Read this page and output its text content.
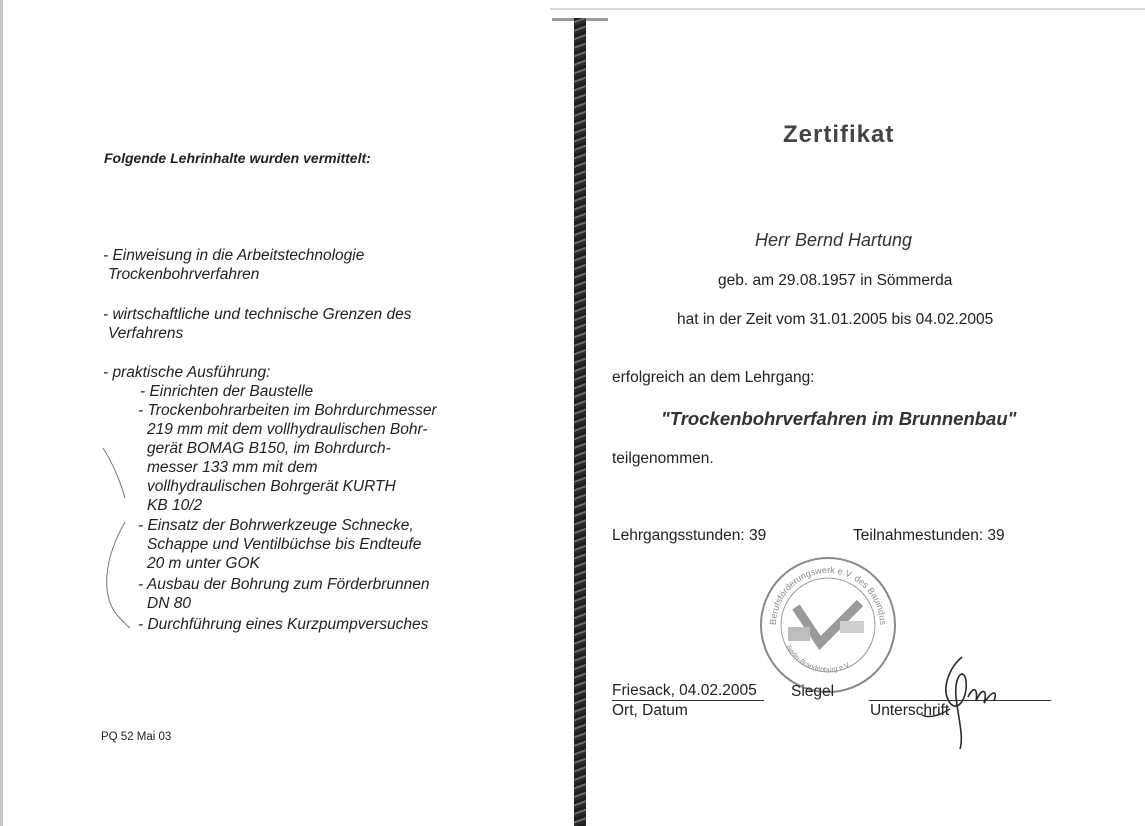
Folgende Lehrinhalte wurden vermittelt:
- Einweisung in die Arbeitstechnologie
Trockenbohrverfahren
- wirtschaftliche und technische Grenzen des
Verfahrens
- praktische Ausführung:
- Einrichten der Baustelle
- Trockenbohrarbeiten im Bohrdurchmesser
219 mm mit dem vollhydraulischen Bohr-
gerät BOMAG B150, im Bohrdurch-
messer 133 mm mit dem
vollhydraulischen Bohrgerät KURTH
KB 10/2
- Einsatz der Bohrwerkzeuge Schnecke,
Schappe und Ventilbüchse bis Endteufe
20 m unter GOK
- Ausbau der Bohrung zum Förderbrunnen
DN 80
- Durchführung eines Kurzpumpversuches
PQ 52 Mai 03
Zertifikat
Herr Bernd Hartung
geb. am 29.08.1957 in Sömmerda
hat in der Zeit vom 31.01.2005 bis 04.02.2005
erfolgreich an dem Lehrgang:
"Trockenbohrverfahren im Brunnenbau"
teilgenommen.
Lehrgangsstunden: 39	Teilnahmestunden: 39
Berufsförderungswerk e.V. des Bauindustrieverbandes
Berlin-Brandenburg e.V.
Friesack, 04.02.2005
Ort, Datum
Siegel
Unterschrift
